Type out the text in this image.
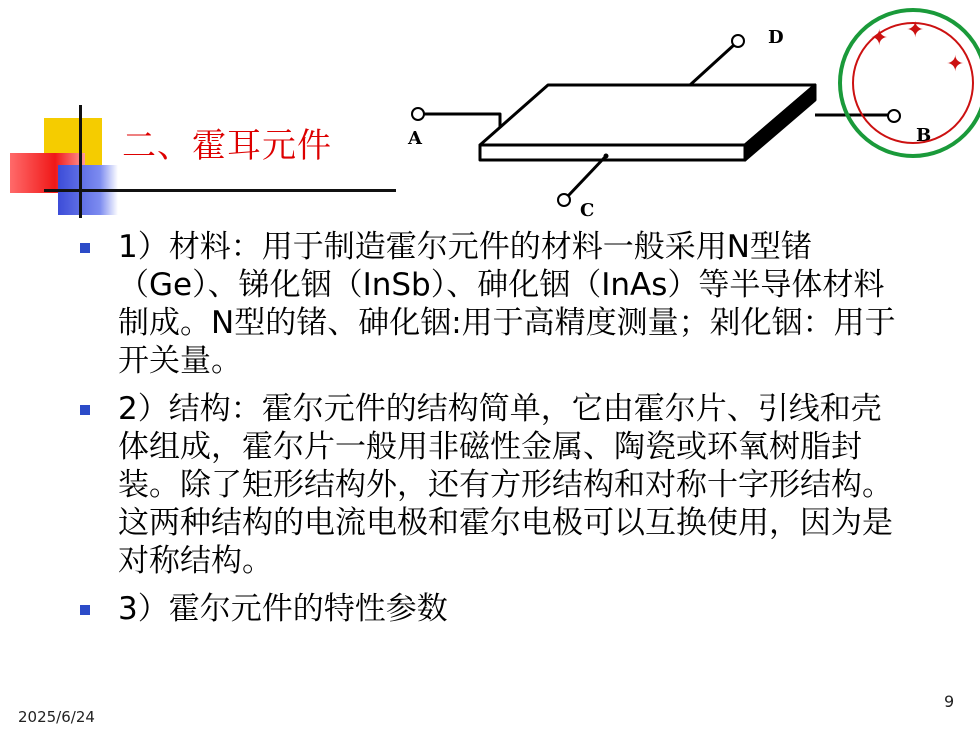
二、霍耳元件	A	B
C
D	✦ ✦
✦
1）材料：用于制造霍尔元件的材料一般采用N型锗（Ge）、锑化铟（InSb）、砷化铟（InAs）等半导体材料制成。N型的锗、砷化铟:用于高精度测量；剁化铟：用于开关量。
2）结构：霍尔元件的结构简单，它由霍尔片、引线和壳体组成，霍尔片一般用非磁性金属、陶瓷或环氧树脂封装。除了矩形结构外，还有方形结构和对称十字形结构。这两种结构的电流电极和霍尔电极可以互换使用，因为是对称结构。
3）霍尔元件的特性参数
2025/6/24
9
